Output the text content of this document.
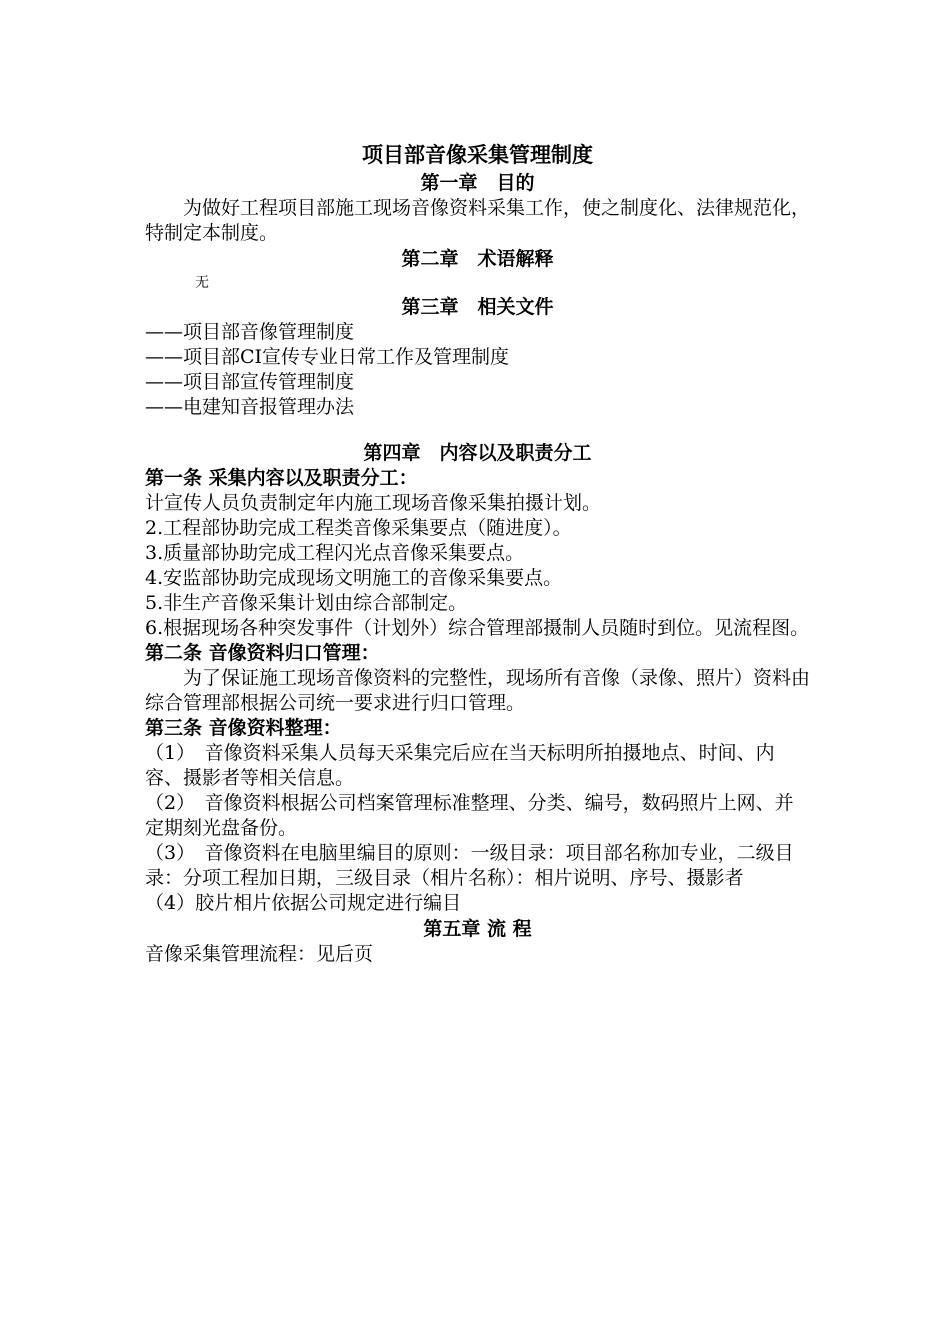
项目部音像采集管理制度
第一章　目的

为做好工程项目部施工现场音像资料采集工作，使之制度化、法律规范化，特制定本制度。

第二章　术语解释

无

第三章　相关文件

——项目部音像管理制度

——项目部CI宣传专业日常工作及管理制度

——项目部宣传管理制度

——电建知音报管理办法

第四章　内容以及职责分工
第一条 采集内容以及职责分工：

计宣传人员负责制定年内施工现场音像采集拍摄计划。

2.工程部协助完成工程类音像采集要点（随进度）。

3.质量部协助完成工程闪光点音像采集要点。

4.安监部协助完成现场文明施工的音像采集要点。

5.非生产音像采集计划由综合部制定。

6.根据现场各种突发事件（计划外）综合管理部摄制人员随时到位。见流程图。

第二条 音像资料归口管理：

为了保证施工现场音像资料的完整性，现场所有音像（录像、照片）资料由综合管理部根据公司统一要求进行归口管理。

第三条 音像资料整理：

（1）　音像资料采集人员每天采集完后应在当天标明所拍摄地点、时间、内容、摄影者等相关信息。

（2）　音像资料根据公司档案管理标准整理、分类、编号，数码照片上网、并定期刻光盘备份。

（3）　音像资料在电脑里编目的原则：一级目录：项目部名称加专业，二级目录：分项工程加日期，三级目录（相片名称）：相片说明、序号、摄影者

（4）胶片相片依据公司规定进行编目

第五章 流 程

音像采集管理流程：见后页
